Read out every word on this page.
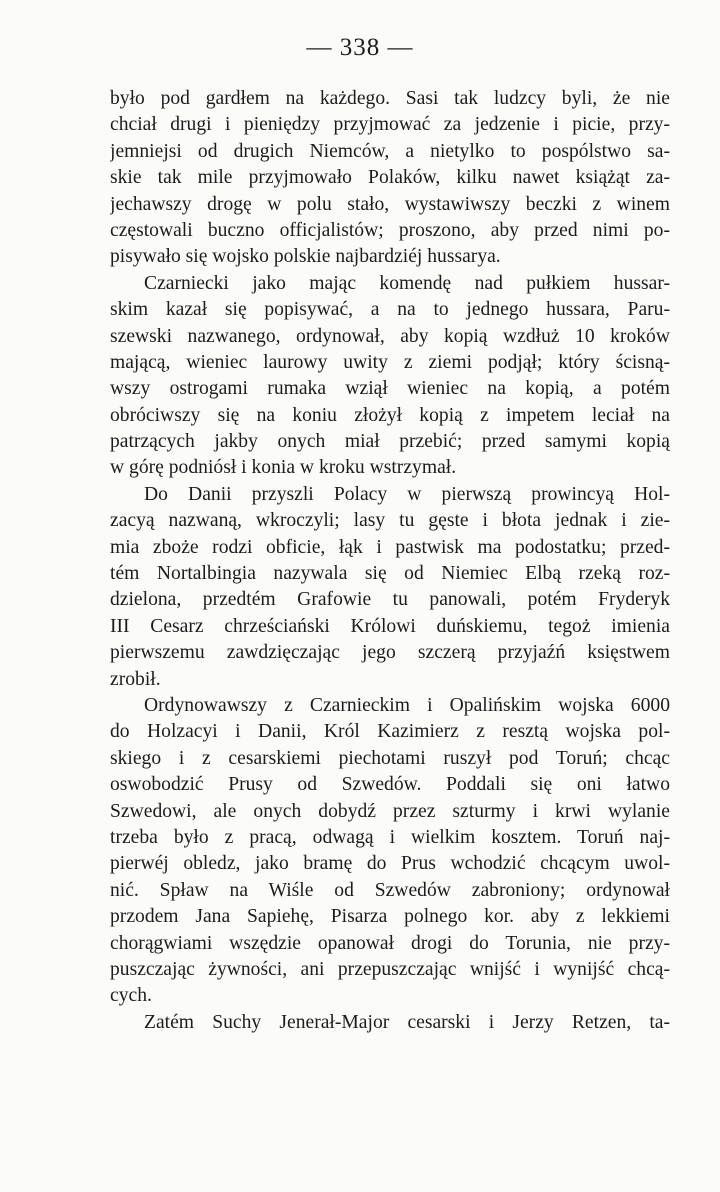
— 338 —
było pod gardłem na każdego. Sasi tak ludzcy byli, że nie
chciał drugi i pieniędzy przyjmować za jedzenie i picie, przy-
jemniejsi od drugich Niemców, a nietylko to pospólstwo sa-
skie tak mile przyjmowało Polaków, kilku nawet książąt za-
jechawszy drogę w polu stało, wystawiwszy beczki z winem
częstowali buczno officjalistów; proszono, aby przed nimi po-
pisywało się wojsko polskie najbardziéj hussarya.
Czarniecki jako mając komendę nad pułkiem hussar-
skim kazał się popisywać, a na to jednego hussara, Paru-
szewski nazwanego, ordynował, aby kopią wzdłuż 10 kroków
mającą, wieniec laurowy uwity z ziemi podjął; który ścisną-
wszy ostrogami rumaka wziął wieniec na kopią, a potém
obróciwszy się na koniu złożył kopią z impetem leciał na
patrzących jakby onych miał przebić; przed samymi kopią
w górę podniósł i konia w kroku wstrzymał.
Do Danii przyszli Polacy w pierwszą prowincyą Hol-
zacyą nazwaną, wkroczyli; lasy tu gęste i błota jednak i zie-
mia zboże rodzi obficie, łąk i pastwisk ma podostatku; przed-
tém Nortalbingia nazywala się od Niemiec Elbą rzeką roz-
dzielona, przedtém Grafowie tu panowali, potém Fryderyk
III Cesarz chrześciański Królowi duńskiemu, tegoż imienia
pierwszemu zawdzięczając jego szczerą przyjaźń księstwem
zrobił.
Ordynowawszy z Czarnieckim i Opalińskim wojska 6000
do Holzacyi i Danii, Król Kazimierz z resztą wojska pol-
skiego i z cesarskiemi piechotami ruszył pod Toruń; chcąc
oswobodzić Prusy od Szwedów. Poddali się oni łatwo
Szwedowi, ale onych dobydź przez szturmy i krwi wylanie
trzeba było z pracą, odwagą i wielkim kosztem. Toruń naj-
pierwéj obledz, jako bramę do Prus wchodzić chcącym uwol-
nić. Spław na Wiśle od Szwedów zabroniony; ordynował
przodem Jana Sapiehę, Pisarza polnego kor. aby z lekkiemi
chorągwiami wszędzie opanował drogi do Torunia, nie przy-
puszczając żywności, ani przepuszczając wnijść i wynijść chcą-
cych.
Zatém Suchy Jenerał-Major cesarski i Jerzy Retzen, ta-
